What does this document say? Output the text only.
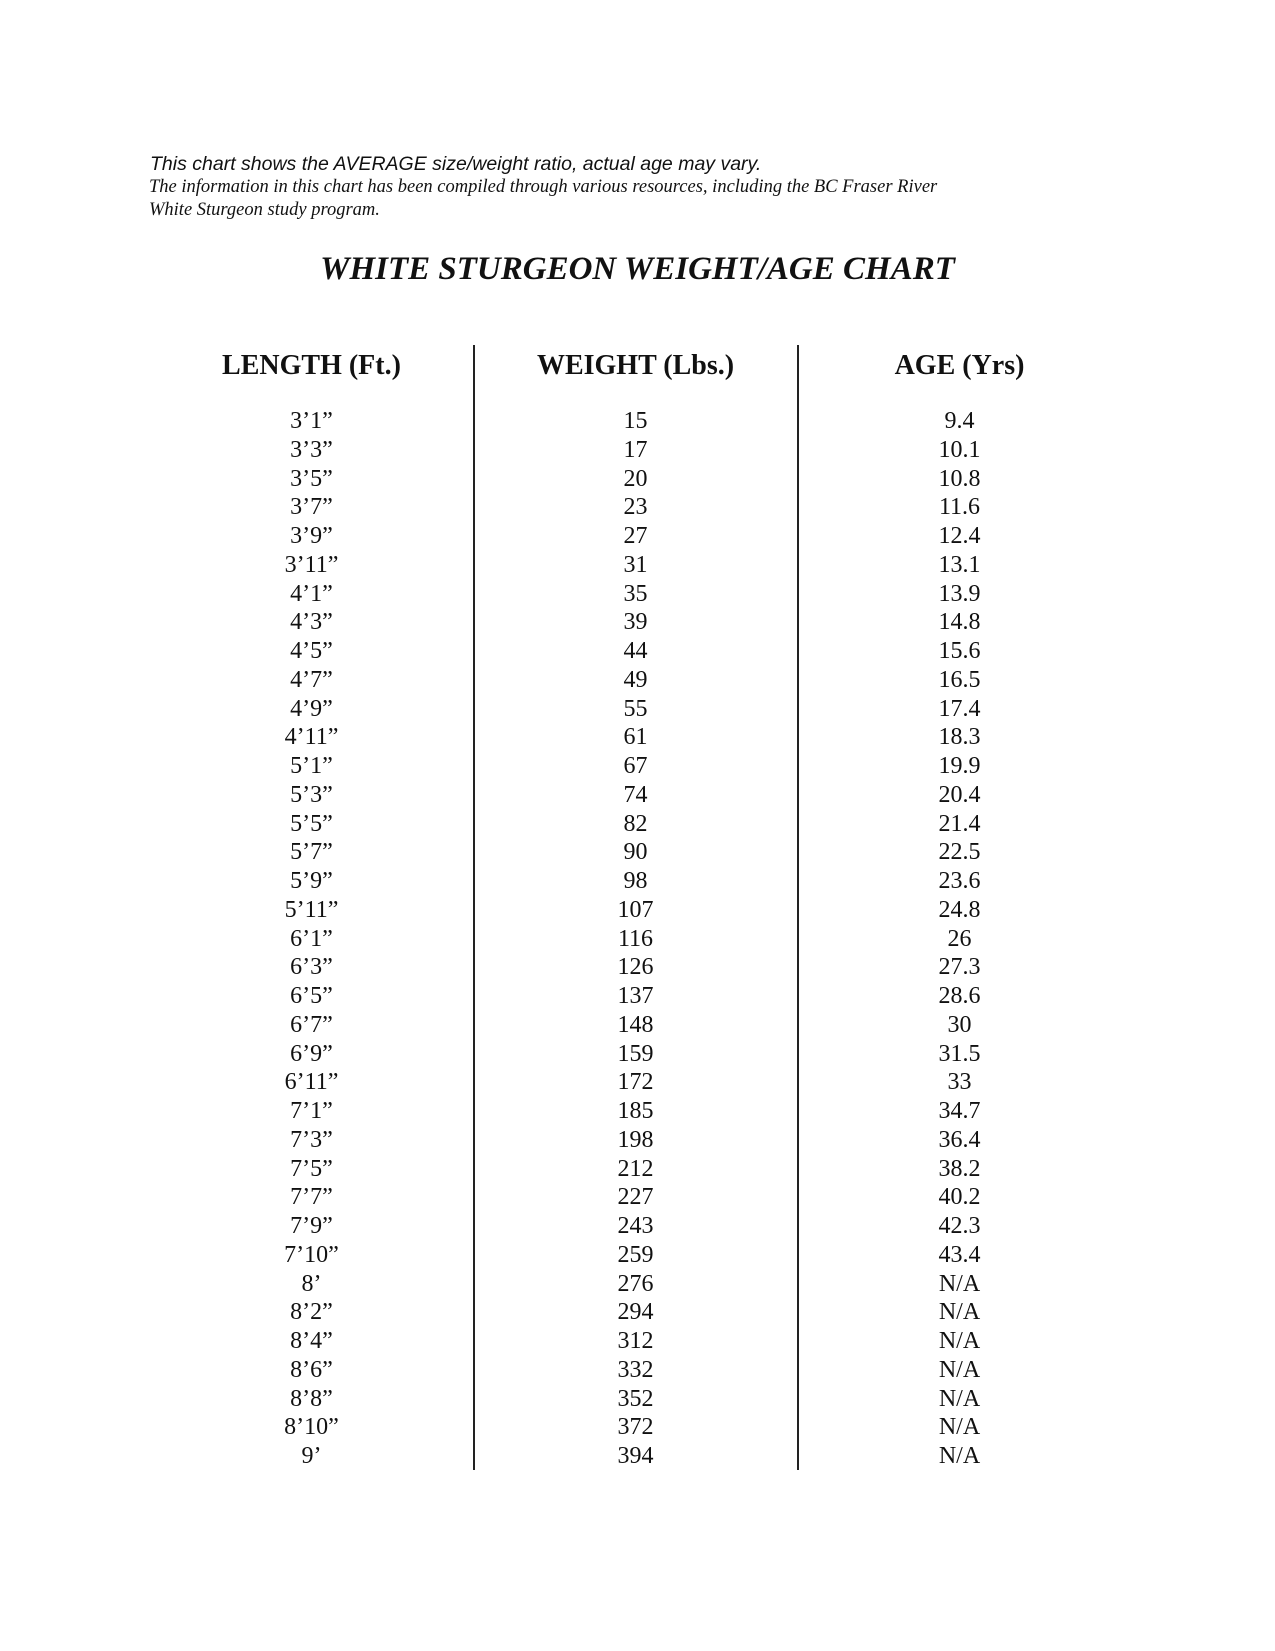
This chart shows the AVERAGE size/weight ratio, actual age may vary.
The information in this chart has been compiled through various resources, including the BC Fraser River White Sturgeon study program.
WHITE STURGEON WEIGHT/AGE CHART
LENGTH (Ft.)
3’1”
3’3”
3’5”
3’7”
3’9”
3’11”
4’1”
4’3”
4’5”
4’7”
4’9”
4’11”
5’1”
5’3”
5’5”
5’7”
5’9”
5’11”
6’1”
6’3”
6’5”
6’7”
6’9”
6’11”
7’1”
7’3”
7’5”
7’7”
7’9”
7’10”
8’
8’2”
8’4”
8’6”
8’8”
8’10”
9’
WEIGHT (Lbs.)
15
17
20
23
27
31
35
39
44
49
55
61
67
74
82
90
98
107
116
126
137
148
159
172
185
198
212
227
243
259
276
294
312
332
352
372
394
AGE (Yrs)
9.4
10.1
10.8
11.6
12.4
13.1
13.9
14.8
15.6
16.5
17.4
18.3
19.9
20.4
21.4
22.5
23.6
24.8
26
27.3
28.6
30
31.5
33
34.7
36.4
38.2
40.2
42.3
43.4
N/A
N/A
N/A
N/A
N/A
N/A
N/A
